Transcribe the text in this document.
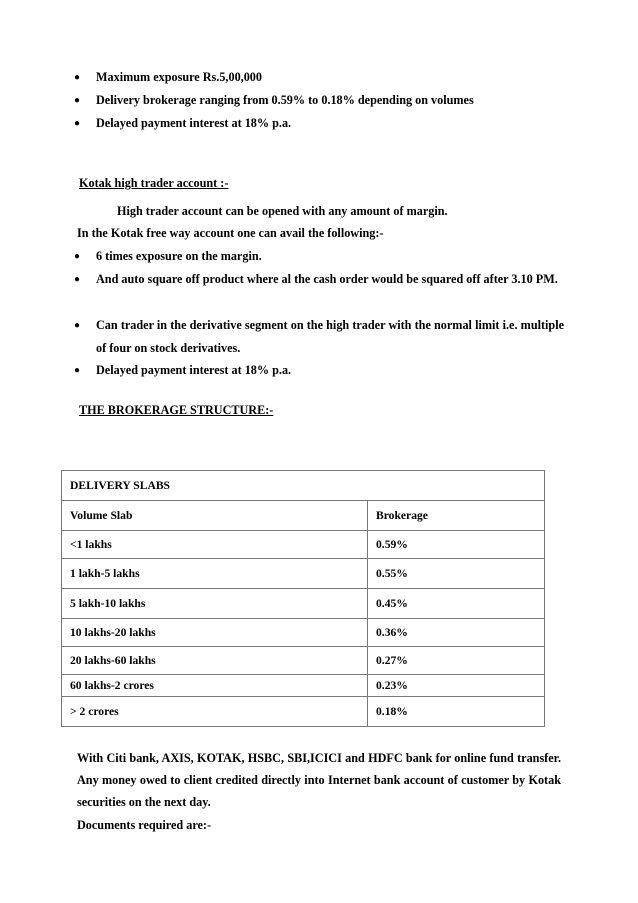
● Maximum exposure Rs.5,00,000
● Delivery brokerage ranging from 0.59% to 0.18% depending on volumes
● Delayed payment interest at 18% p.a.
Kotak high trader account :-
High trader account can be opened with any amount of margin.
In the Kotak free way account one can avail the following:-
● 6 times exposure on the margin.
● And auto square off product where al the cash order would be squared off after 3.10 PM.
● Can trader in the derivative segment on the high trader with the normal limit i.e. multiple of four on stock derivatives.
● Delayed payment interest at 18% p.a.
THE BROKERAGE STRUCTURE:-
DELIVERY SLABS	
Volume Slab	Brokerage
<1 lakhs	0.59%
1 lakh-5 lakhs	0.55%
5 lakh-10 lakhs	0.45%
10 lakhs-20 lakhs	0.36%
20 lakhs-60 lakhs	0.27%
60 lakhs-2 crores	0.23%
> 2 crores	0.18%
With Citi bank, AXIS, KOTAK, HSBC, SBI,ICICI and HDFC bank for online fund transfer. Any money owed to client credited directly into Internet bank account of customer by Kotak securities on the next day.
Documents required are:-
